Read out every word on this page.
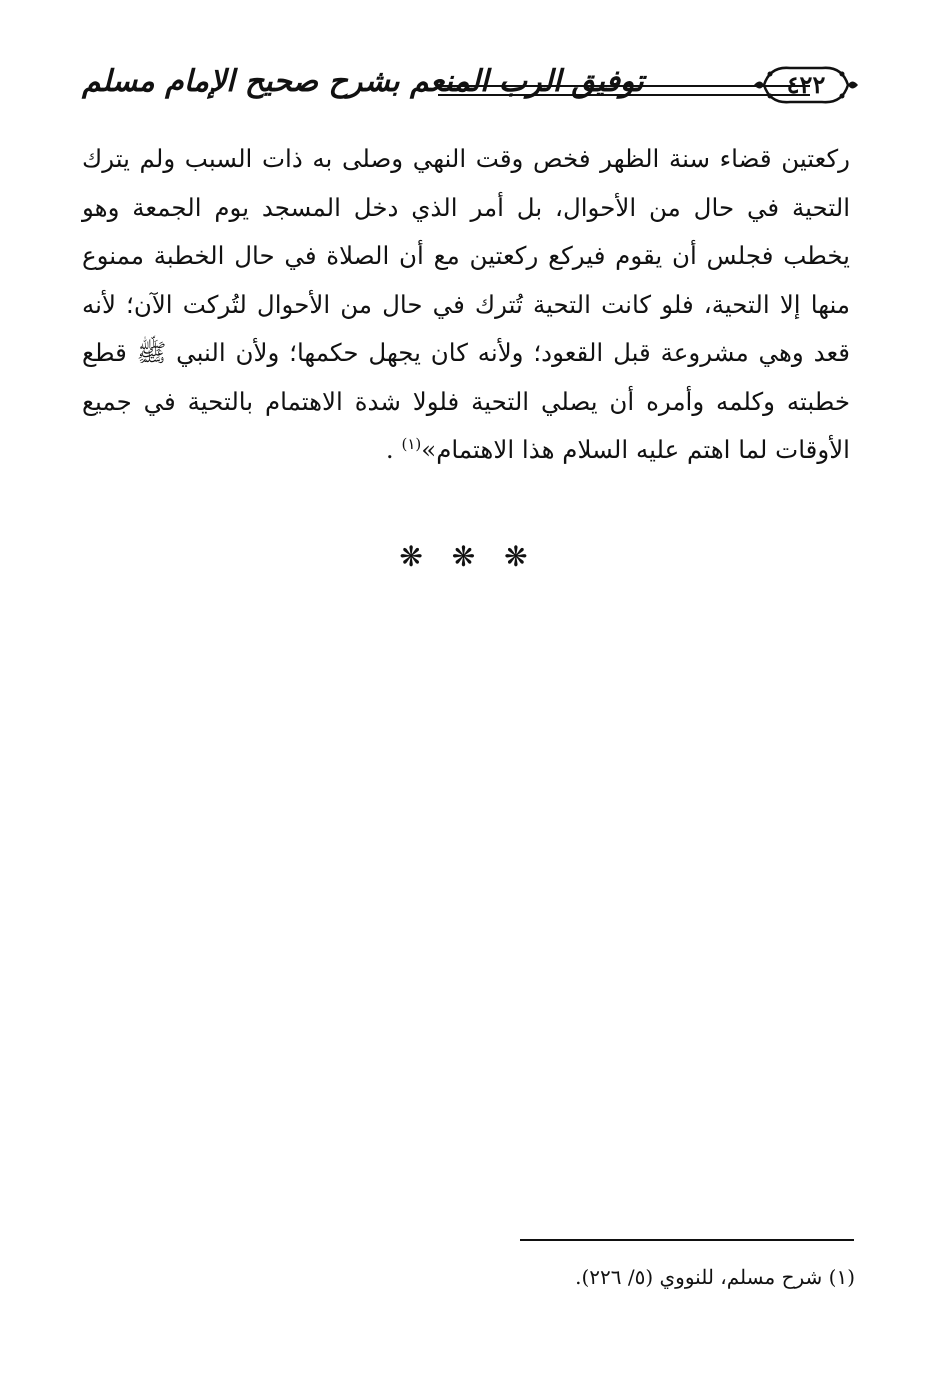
توفيق الرب المنعم بشرح صحيح الإمام مسلم	٤٢٢

ركعتين قضاء سنة الظهر فخص وقت النهي وصلى به ذات السبب ولم يترك التحية في حال من الأحوال، بل أمر الذي دخل المسجد يوم الجمعة وهو يخطب فجلس أن يقوم فيركع ركعتين مع أن الصلاة في حال الخطبة ممنوع منها إلا التحية، فلو كانت التحية تُترك في حال من الأحوال لتُركت الآن؛ لأنه قعد وهي مشروعة قبل القعود؛ ولأنه كان يجهل حكمها؛ ولأن النبي ﷺ قطع خطبته وكلمه وأمره أن يصلي التحية فلولا شدة الاهتمام بالتحية في جميع الأوقات لما اهتم عليه السلام هذا الاهتمام»$^{(١)}$ .

❋ ❋ ❋
(١) شرح مسلم، للنووي (٥/ ٢٢٦).
